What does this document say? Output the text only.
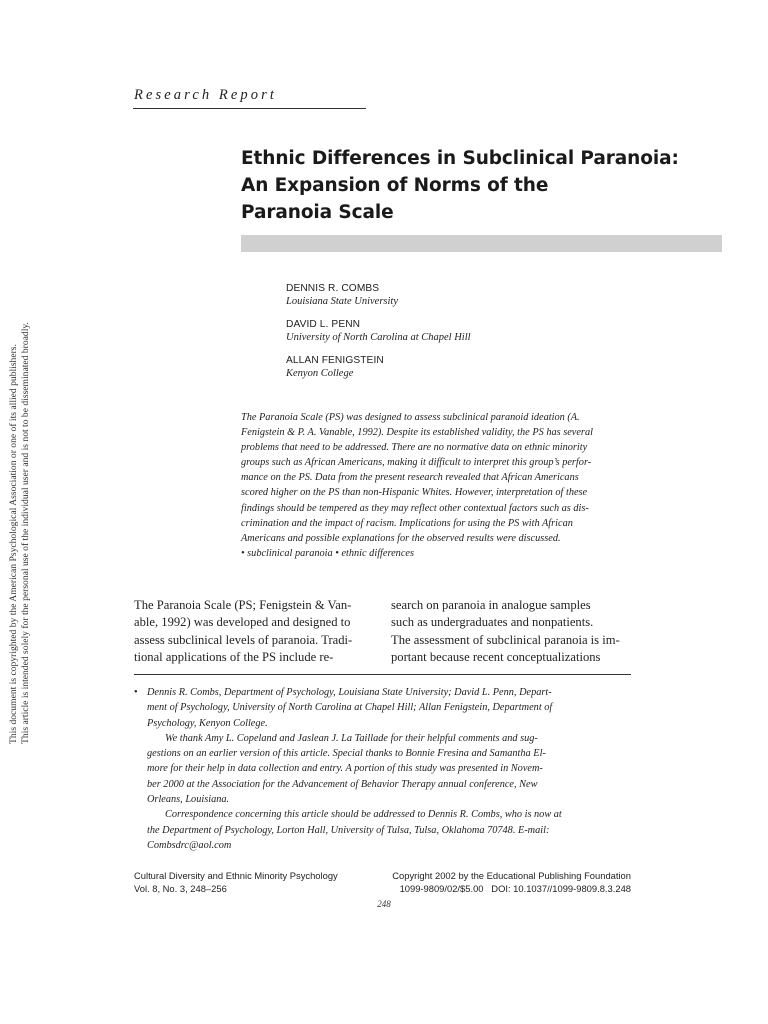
This document is copyrighted by the American Psychological Association or one of its allied publishers. This article is intended solely for the personal use of the individual user and is not to be disseminated broadly.
Research Report
Ethnic Differences in Subclinical Paranoia:
An Expansion of Norms of the
Paranoia Scale
DENNIS R. COMBS
Louisiana State University
DAVID L. PENN
University of North Carolina at Chapel Hill
ALLAN FENIGSTEIN
Kenyon College
The Paranoia Scale (PS) was designed to assess subclinical paranoid ideation (A.
Fenigstein & P. A. Vanable, 1992). Despite its established validity, the PS has several
problems that need to be addressed. There are no normative data on ethnic minority
groups such as African Americans, making it difficult to interpret this group’s perfor-
mance on the PS. Data from the present research revealed that African Americans
scored higher on the PS than non-Hispanic Whites. However, interpretation of these
findings should be tempered as they may reflect other contextual factors such as dis-
crimination and the impact of racism. Implications for using the PS with African
Americans and possible explanations for the observed results were discussed.
• subclinical paranoia • ethnic differences
The Paranoia Scale (PS; Fenigstein & Van-
able, 1992) was developed and designed to
assess subclinical levels of paranoia. Tradi-
tional applications of the PS include re-
search on paranoia in analogue samples
such as undergraduates and nonpatients.
The assessment of subclinical paranoia is im-
portant because recent conceptualizations
• Dennis R. Combs, Department of Psychology, Louisiana State University; David L. Penn, Depart-
ment of Psychology, University of North Carolina at Chapel Hill; Allan Fenigstein, Department of
Psychology, Kenyon College.
We thank Amy L. Copeland and Jaslean J. La Taillade for their helpful comments and sug-
gestions on an earlier version of this article. Special thanks to Bonnie Fresina and Samantha El-
more for their help in data collection and entry. A portion of this study was presented in Novem-
ber 2000 at the Association for the Advancement of Behavior Therapy annual conference, New
Orleans, Louisiana.
Correspondence concerning this article should be addressed to Dennis R. Combs, who is now at
the Department of Psychology, Lorton Hall, University of Tulsa, Tulsa, Oklahoma 70748. E-mail:
Combsdrc@aol.com
Cultural Diversity and Ethnic Minority Psychology
Vol. 8, No. 3, 248–256
Copyright 2002 by the Educational Publishing Foundation
1099-9809/02/$5.00   DOI: 10.1037//1099-9809.8.3.248
248
